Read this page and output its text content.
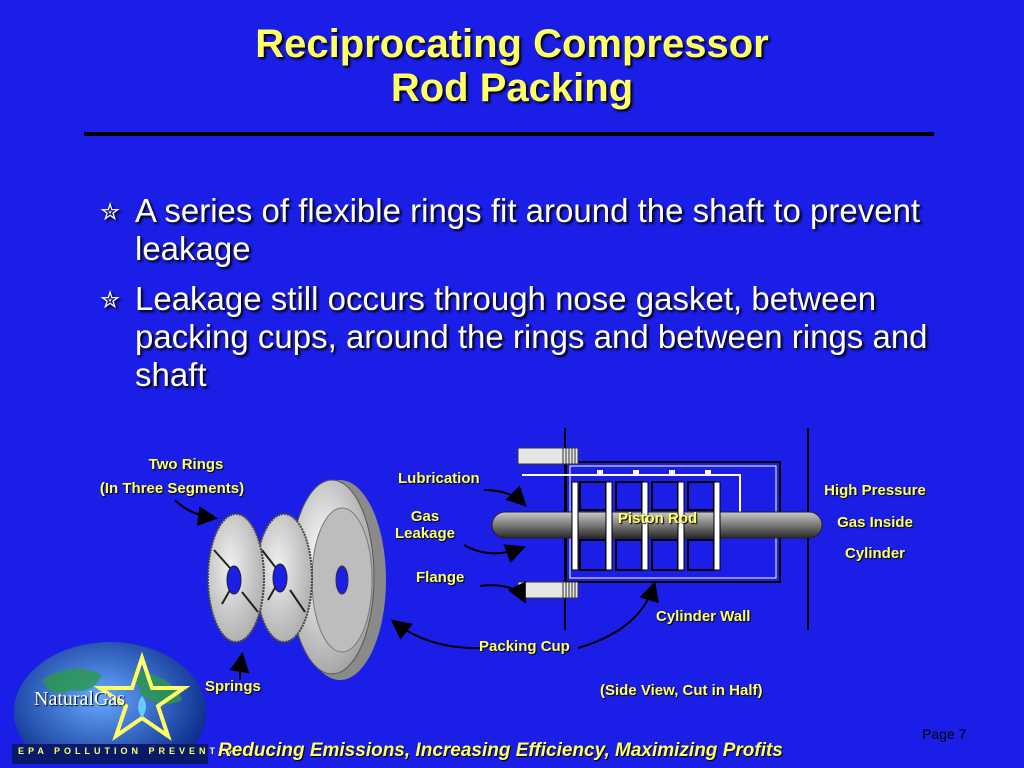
Reciprocating Compressor
Rod Packing
✮ A series of flexible rings fit around the shaft to prevent leakage
✮ Leakage still occurs through nose gasket, between packing cups, around the rings and between rings and shaft
Two Rings
(In Three Segments)
Springs
Lubrication
Gas
Leakage
Flange
Piston Rod
High Pressure
Gas Inside
Cylinder
Cylinder Wall
Packing Cup
(Side View, Cut in Half)
NaturalGas
EPA POLLUTION PREVENTER
Reducing Emissions, Increasing Efficiency, Maximizing Profits
Page 7
